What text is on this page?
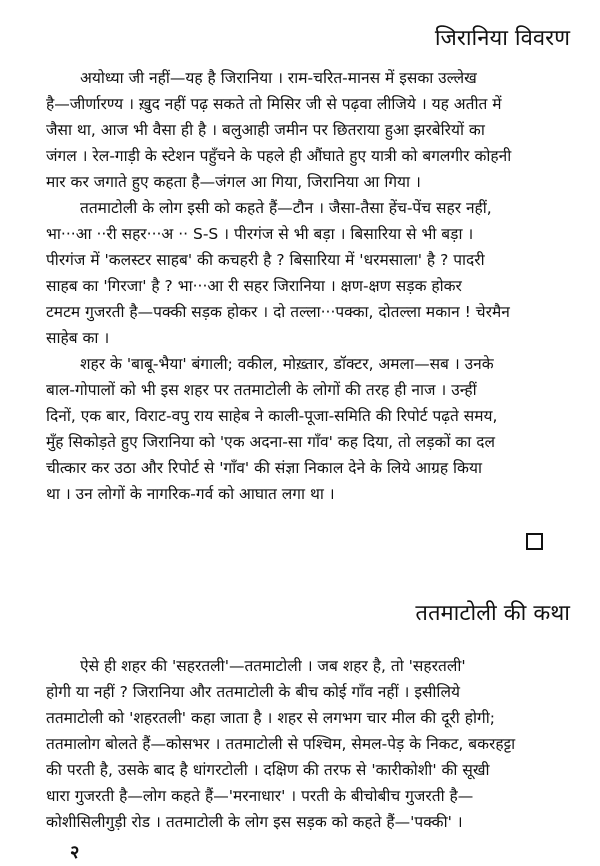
जिरानिया विवरण
अयोध्या जी नहीं—यह है जिरानिया । राम-चरित-मानस में इसका उल्लेख
है—जीर्णारण्य । ख़ुद नहीं पढ़ सकते तो मिसिर जी से पढ़वा लीजिये । यह अतीत में
जैसा था, आज भी वैसा ही है । बलुआही जमीन पर छितराया हुआ झरबेरियों का
जंगल । रेल-गाड़ी के स्टेशन पहुँचने के पहले ही औंघाते हुए यात्री को बगलगीर कोहनी
मार कर जगाते हुए कहता है—जंगल आ गिया, जिरानिया आ गिया ।
ततमाटोली के लोग इसी को कहते हैं—टौन । जैसा-तैसा हेंच-पेंच सहर नहीं,
भा···आ ··री सहर···अ ·· S-S । पीरगंज से भी बड़ा । बिसारिया से भी बड़ा ।
पीरगंज में 'कलस्टर साहब' की कचहरी है ? बिसारिया में 'धरमसाला' है ? पादरी
साहब का 'गिरजा' है ? भा···आ री सहर जिरानिया । क्षण-क्षण सड़क होकर
टमटम गुजरती है—पक्की सड़क होकर । दो तल्ला···पक्का, दोतल्ला मकान ! चेरमैन
साहेब का ।
शहर के 'बाबू-भैया' बंगाली; वकील, मोख़्तार, डॉक्टर, अमला—सब । उनके
बाल-गोपालों को भी इस शहर पर ततमाटोली के लोगों की तरह ही नाज । उन्हीं
दिनों, एक बार, विराट-वपु राय साहेब ने काली-पूजा-समिति की रिपोर्ट पढ़ते समय,
मुँह सिकोड़ते हुए जिरानिया को 'एक अदना-सा गाँव' कह दिया, तो लड़कों का दल
चीत्कार कर उठा और रिपोर्ट से 'गाँव' की संज्ञा निकाल देने के लिये आग्रह किया
था । उन लोगों के नागरिक-गर्व को आघात लगा था ।
ततमाटोली की कथा
ऐसे ही शहर की 'सहरतली'—ततमाटोली । जब शहर है, तो 'सहरतली'
होगी या नहीं ? जिरानिया और ततमाटोली के बीच कोई गाँव नहीं । इसीलिये
ततमाटोली को 'शहरतली' कहा जाता है । शहर से लगभग चार मील की दूरी होगी;
ततमालोग बोलते हैं—कोसभर । ततमाटोली से पश्चिम, सेमल-पेड़ के निकट, बकरहट्टा
की परती है, उसके बाद है धांगरटोली । दक्षिण की तरफ से 'कारीकोशी' की सूखी
धारा गुजरती है—लोग कहते हैं—'मरनाधार' । परती के बीचोबीच गुजरती है—
कोशीसिलीगुड़ी रोड । ततमाटोली के लोग इस सड़क को कहते हैं—'पक्की' ।
२
